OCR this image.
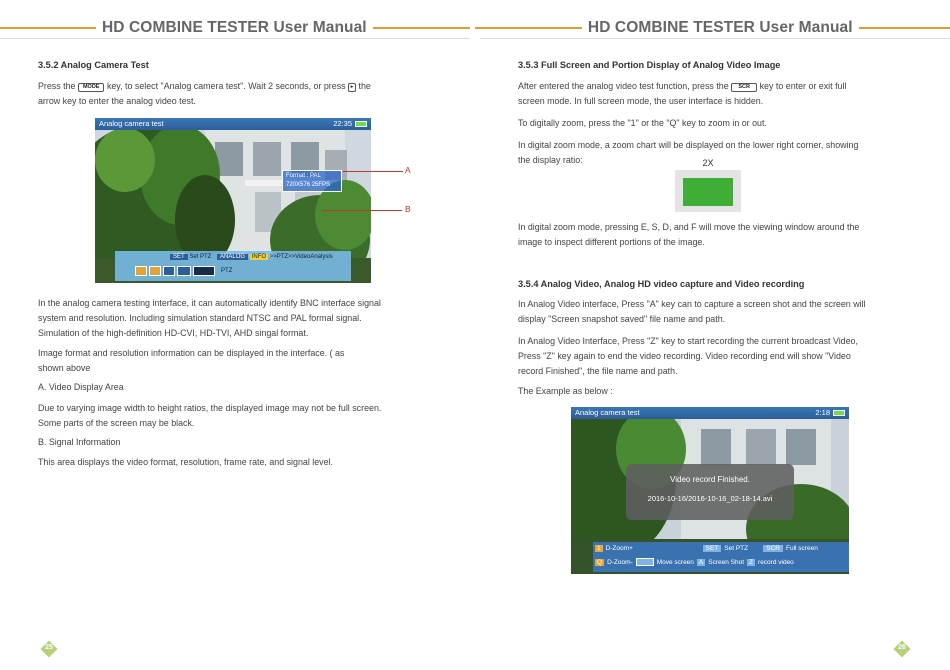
HD COMBINE TESTER User Manual
3.5.2 Analog Camera Test
Press the MODE key, to select "Analog camera test". Wait 2 seconds, or press ▸ the
arrow key to enter the analog video test.
Analog camera test	22:35
Format : PAL
720X576 25FPS
SET Set PTZ ANALOG INFO >>PTZ>>VideoAnalysis
PTZ
A
B
In the analog camera testing interface, it can automatically identify BNC interface signal
system and resolution. Including simulation standard NTSC and PAL formal signal.
Simulation of the high-definition HD-CVI, HD-TVI, AHD singal format.
Image format and resolution information can be displayed in the interface. ( as
shown above
A. Video Display Area
Due to varying image width to height ratios, the displayed image may not be full screen.
Some parts of the screen may be black.
B. Signal Information
This area displays the video format, resolution, frame rate, and signal level.
25
HD COMBINE TESTER User Manual
3.5.3 Full Screen and Portion Display of Analog Video Image
After entered the analog video test function, press the SCR key to enter or exit full
screen mode. In full screen mode, the user interface is hidden.
To digitally zoom, press the "1" or the "Q" key to zoom in or out.
In digital zoom mode, a zoom chart will be displayed on the lower right corner, showing
the display ratio:	2X
In digital zoom mode, pressing E, S, D, and F will move the viewing window around the
image to inspect different portions of the image.
3.5.4 Analog Video, Analog HD video capture and Video recording
In Analog Video interface, Press "A" key can to capture a screen shot and the screen will
display "Screen snapshot saved" file name and path.
In Analog Video Interface, Press "Z" key to start recording the current broadcast Video,
Press "Z" key again to end the video recording. Video recording end will show "Video
record Finished", the file name and path.
The Example as below :
Analog camera test	2:18
Video record Finished.
2016-10-16/2016-10-16_02-18-14.avi
1 D-Zoom+	SET Set PTZ	SCR Full screen
Q D-Zoom-	Move screen A Screen Shot Z record video
26
